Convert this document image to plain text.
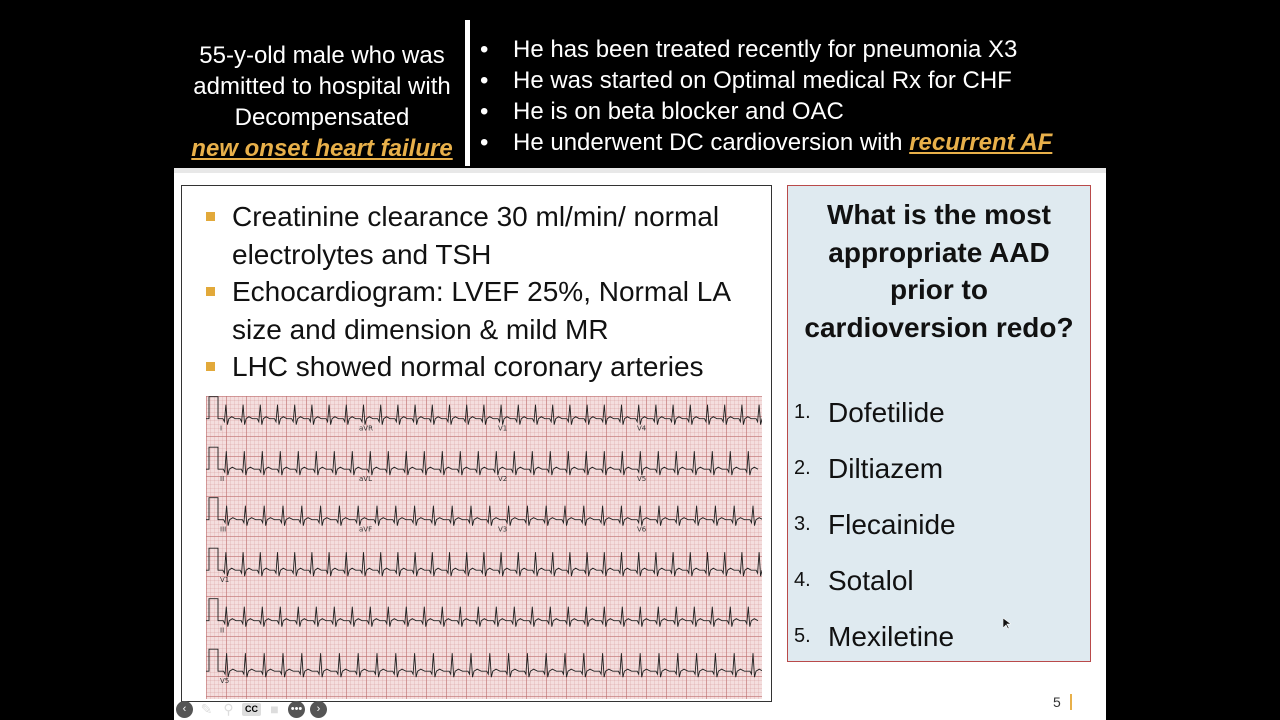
55-y-old male who was
admitted to hospital with
Decompensated
new onset heart failure
• He has been treated recently for pneumonia X3
• He was started on Optimal medical Rx for CHF
• He is on beta blocker and OAC
• He underwent DC cardioversion with recurrent AF
Creatinine clearance 30 ml/min/ normal electrolytes and TSH
Echocardiogram: LVEF 25%, Normal LA size and dimension & mild MR
LHC showed normal coronary arteries
I	aVR	V1	V4
II	aVL	V2	V5
III	aVF	V3	V6
V1
II
V5
What is the most appropriate AAD prior to cardioversion redo?
1. Dofetilide
2. Diltiazem
3. Flecainide
4. Sotalol
5. Mexiletine
5
‹	✎ ⚲	CC ■	•••	›
